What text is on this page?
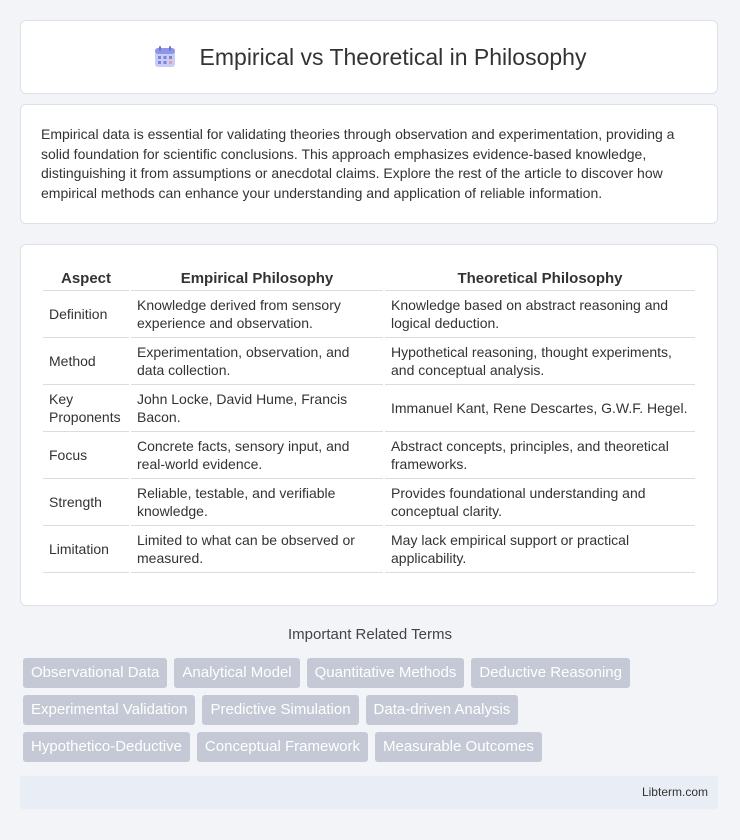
Empirical vs Theoretical in Philosophy

Empirical data is essential for validating theories through observation and experimentation, providing a solid foundation for scientific conclusions. This approach emphasizes evidence-based knowledge, distinguishing it from assumptions or anecdotal claims. Explore the rest of the article to discover how empirical methods can enhance your understanding and application of reliable information.

Aspect	Empirical Philosophy	Theoretical Philosophy
Definition	Knowledge derived from sensory experience and observation.	Knowledge based on abstract reasoning and logical deduction.
Method	Experimentation, observation, and data collection.	Hypothetical reasoning, thought experiments, and conceptual analysis.
Key Proponents	John Locke, David Hume, Francis Bacon.	Immanuel Kant, Rene Descartes, G.W.F. Hegel.
Focus	Concrete facts, sensory input, and real-world evidence.	Abstract concepts, principles, and theoretical frameworks.
Strength	Reliable, testable, and verifiable knowledge.	Provides foundational understanding and conceptual clarity.
Limitation	Limited to what can be observed or measured.	May lack empirical support or practical applicability.
Important Related Terms
Observational Data	Analytical Model	Quantitative Methods	Deductive Reasoning
Experimental Validation	Predictive Simulation	Data-driven Analysis
Hypothetico-Deductive	Conceptual Framework	Measurable Outcomes
Libterm.com
